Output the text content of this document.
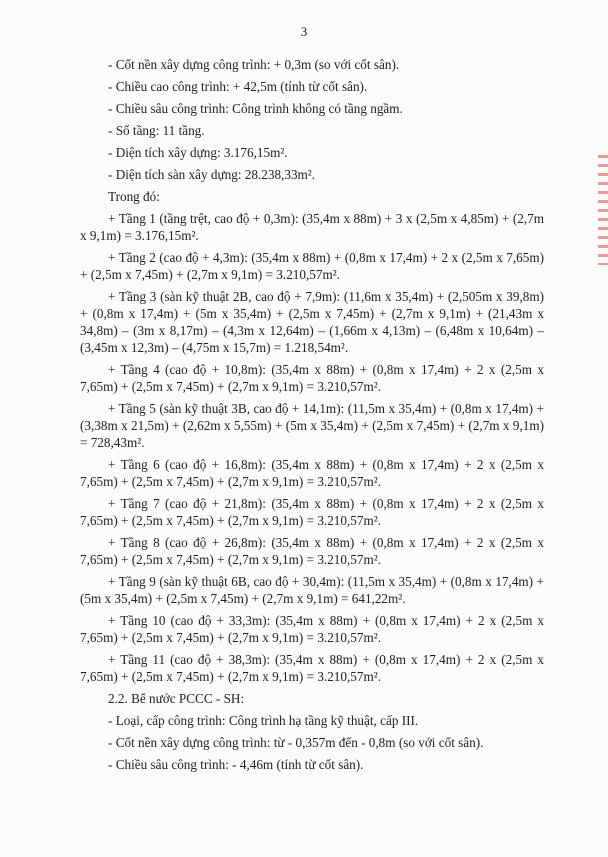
3
- Cốt nền xây dựng công trình: + 0,3m (so với cốt sân).
- Chiều cao công trình: + 42,5m (tính từ cốt sân).
- Chiều sâu công trình: Công trình không có tầng ngầm.
- Số tầng: 11 tầng.
- Diện tích xây dựng: 3.176,15m².
- Diện tích sàn xây dựng: 28.238,33m².
Trong đó:

+ Tầng 1 (tầng trệt, cao độ + 0,3m): (35,4m x 88m) + 3 x (2,5m x 4,85m) + (2,7m x 9,1m) = 3.176,15m².

+ Tầng 2 (cao độ + 4,3m): (35,4m x 88m) + (0,8m x 17,4m) + 2 x (2,5m x 7,65m) + (2,5m x 7,45m) + (2,7m x 9,1m) = 3.210,57m².

+ Tầng 3 (sàn kỹ thuật 2B, cao độ + 7,9m): (11,6m x 35,4m) + (2,505m x 39,8m) + (0,8m x 17,4m) + (5m x 35,4m) + (2,5m x 7,45m) + (2,7m x 9,1m) + (21,43m x 34,8m) – (3m x 8,17m) – (4,3m x 12,64m) – (1,66m x 4,13m) – (6,48m x 10,64m) – (3,45m x 12,3m) – (4,75m x 15,7m) = 1.218,54m².

+ Tầng 4 (cao độ + 10,8m): (35,4m x 88m) + (0,8m x 17,4m) + 2 x (2,5m x 7,65m) + (2,5m x 7,45m) + (2,7m x 9,1m) = 3.210,57m².

+ Tầng 5 (sàn kỹ thuật 3B, cao độ + 14,1m): (11,5m x 35,4m) + (0,8m x 17,4m) + (3,38m x 21,5m) + (2,62m x 5,55m) + (5m x 35,4m) + (2,5m x 7,45m) + (2,7m x 9,1m) = 728,43m².

+ Tầng 6 (cao độ + 16,8m): (35,4m x 88m) + (0,8m x 17,4m) + 2 x (2,5m x 7,65m) + (2,5m x 7,45m) + (2,7m x 9,1m) = 3.210,57m².

+ Tầng 7 (cao độ + 21,8m): (35,4m x 88m) + (0,8m x 17,4m) + 2 x (2,5m x 7,65m) + (2,5m x 7,45m) + (2,7m x 9,1m) = 3.210,57m².

+ Tầng 8 (cao độ + 26,8m): (35,4m x 88m) + (0,8m x 17,4m) + 2 x (2,5m x 7,65m) + (2,5m x 7,45m) + (2,7m x 9,1m) = 3.210,57m².

+ Tầng 9 (sàn kỹ thuật 6B, cao độ + 30,4m): (11,5m x 35,4m) + (0,8m x 17,4m) + (5m x 35,4m) + (2,5m x 7,45m) + (2,7m x 9,1m) = 641,22m².

+ Tầng 10 (cao độ + 33,3m): (35,4m x 88m) + (0,8m x 17,4m) + 2 x (2,5m x 7,65m) + (2,5m x 7,45m) + (2,7m x 9,1m) = 3.210,57m².

+ Tầng 11 (cao độ + 38,3m): (35,4m x 88m) + (0,8m x 17,4m) + 2 x (2,5m x 7,65m) + (2,5m x 7,45m) + (2,7m x 9,1m) = 3.210,57m².

2.2. Bể nước PCCC - SH:
- Loại, cấp công trình: Công trình hạ tầng kỹ thuật, cấp III.
- Cốt nền xây dựng công trình: từ - 0,357m đến - 0,8m (so với cốt sân).
- Chiều sâu công trình: - 4,46m (tính từ cốt sân).
